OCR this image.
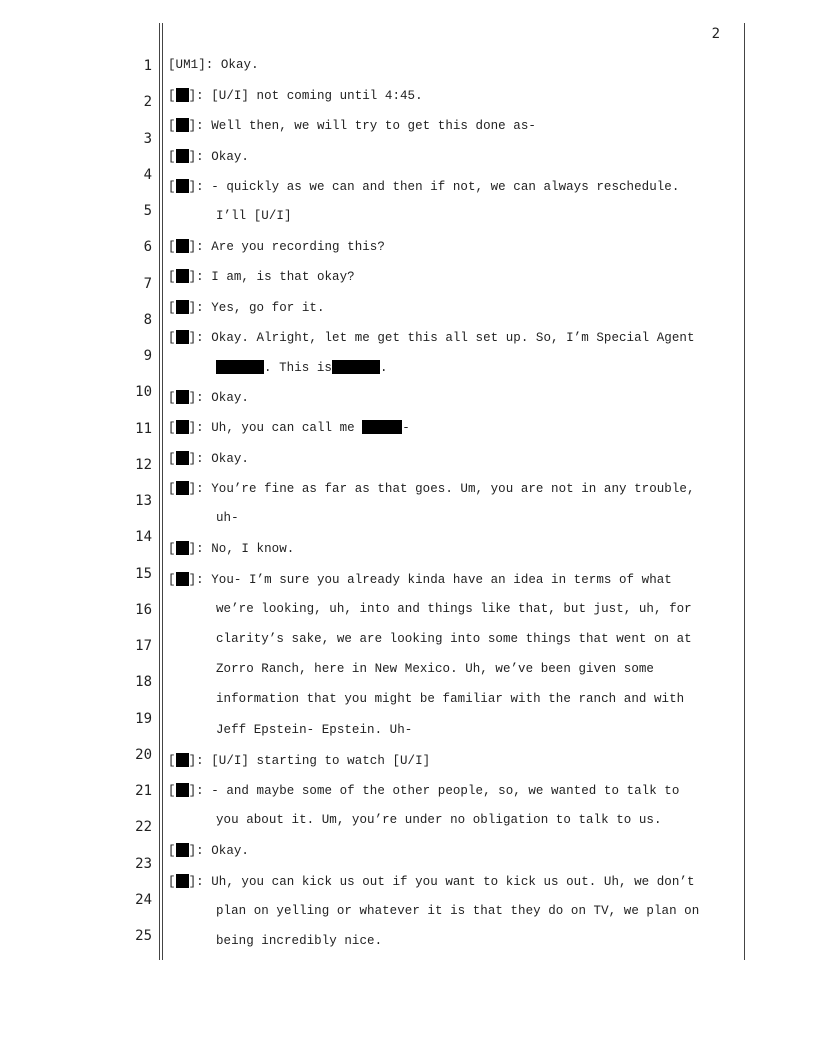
2
1
2
3
4
5
6
7
8
9
10
11
12
13
14
15
16
17
18
19
20
21
22
23
24
25
[UM1]: Okay.
[ ]: [U/I] not coming until 4:45.
[ ]: Well then, we will try to get this done as-
[ ]: Okay.
[ ]: - quickly as we can and then if not, we can always reschedule.
I’ll [U/I]
[ ]: Are you recording this?
[ ]: I am, is that okay?
[ ]: Yes, go for it.
[ ]: Okay. Alright, let me get this all set up. So, I’m Special Agent
. This is	.
[ ]: Okay.
[ ]: Uh, you can call me	-
[ ]: Okay.
[ ]: You’re fine as far as that goes. Um, you are not in any trouble,
uh-
[ ]: No, I know.
[ ]: You- I’m sure you already kinda have an idea in terms of what
we’re looking, uh, into and things like that, but just, uh, for
clarity’s sake, we are looking into some things that went on at
Zorro Ranch, here in New Mexico. Uh, we’ve been given some
information that you might be familiar with the ranch and with
Jeff Epstein- Epstein. Uh-
[ ]: [U/I] starting to watch [U/I]
[ ]: - and maybe some of the other people, so, we wanted to talk to
you about it. Um, you’re under no obligation to talk to us.
[ ]: Okay.
[ ]: Uh, you can kick us out if you want to kick us out. Uh, we don’t
plan on yelling or whatever it is that they do on TV, we plan on
being incredibly nice.
